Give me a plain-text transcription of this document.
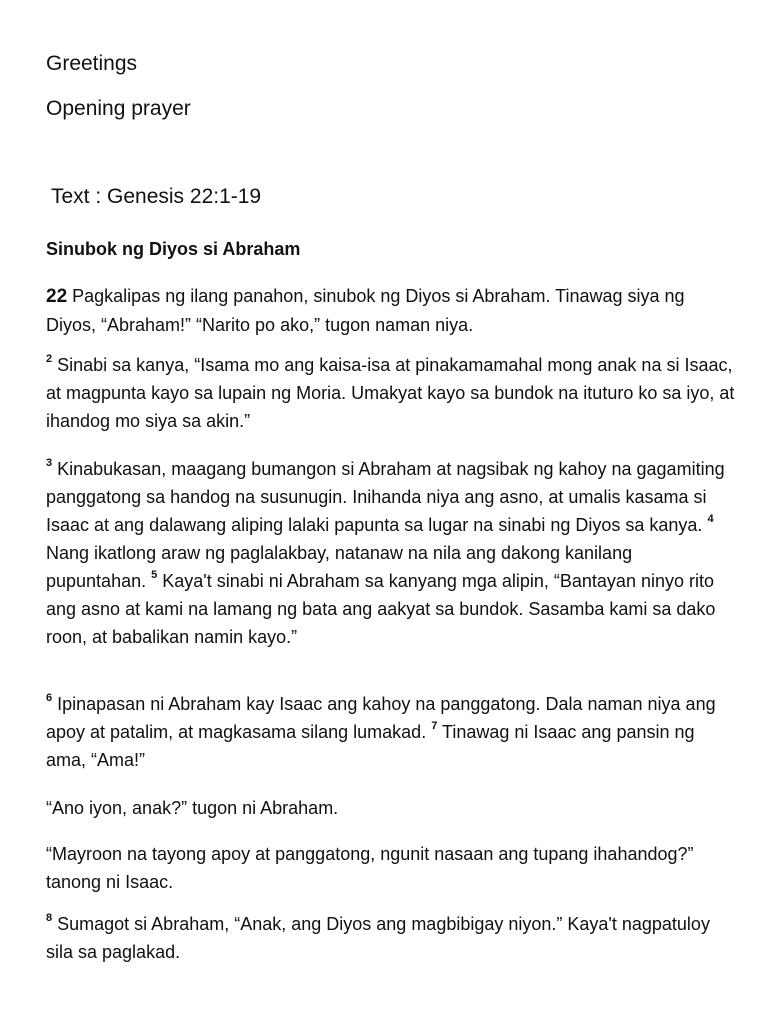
Greetings

Opening prayer

Text : Genesis 22:1-19

Sinubok ng Diyos si Abraham

22 Pagkalipas ng ilang panahon, sinubok ng Diyos si Abraham. Tinawag siya ng Diyos, “Abraham!” “Narito po ako,” tugon naman niya.

$^2$ Sinabi sa kanya, “Isama mo ang kaisa-isa at pinakamamahal mong anak na si Isaac, at magpunta kayo sa lupain ng Moria. Umakyat kayo sa bundok na ituturo ko sa iyo, at ihandog mo siya sa akin.”

$^3$ Kinabukasan, maagang bumangon si Abraham at nagsibak ng kahoy na gagamiting panggatong sa handog na susunugin. Inihanda niya ang asno, at umalis kasama si Isaac at ang dalawang aliping lalaki papunta sa lugar na sinabi ng Diyos sa kanya. $^4$ Nang ikatlong araw ng paglalakbay, natanaw na nila ang dakong kanilang pupuntahan. $^5$ Kaya't sinabi ni Abraham sa kanyang mga alipin, “Bantayan ninyo rito ang asno at kami na lamang ng bata ang aakyat sa bundok. Sasamba kami sa dako roon, at babalikan namin kayo.”

$^6$ Ipinapasan ni Abraham kay Isaac ang kahoy na panggatong. Dala naman niya ang apoy at patalim, at magkasama silang lumakad. $^7$ Tinawag ni Isaac ang pansin ng ama, “Ama!”

“Ano iyon, anak?” tugon ni Abraham.

“Mayroon na tayong apoy at panggatong, ngunit nasaan ang tupang ihahandog?” tanong ni Isaac.

$^8$ Sumagot si Abraham, “Anak, ang Diyos ang magbibigay niyon.” Kaya't nagpatuloy sila sa paglakad.
